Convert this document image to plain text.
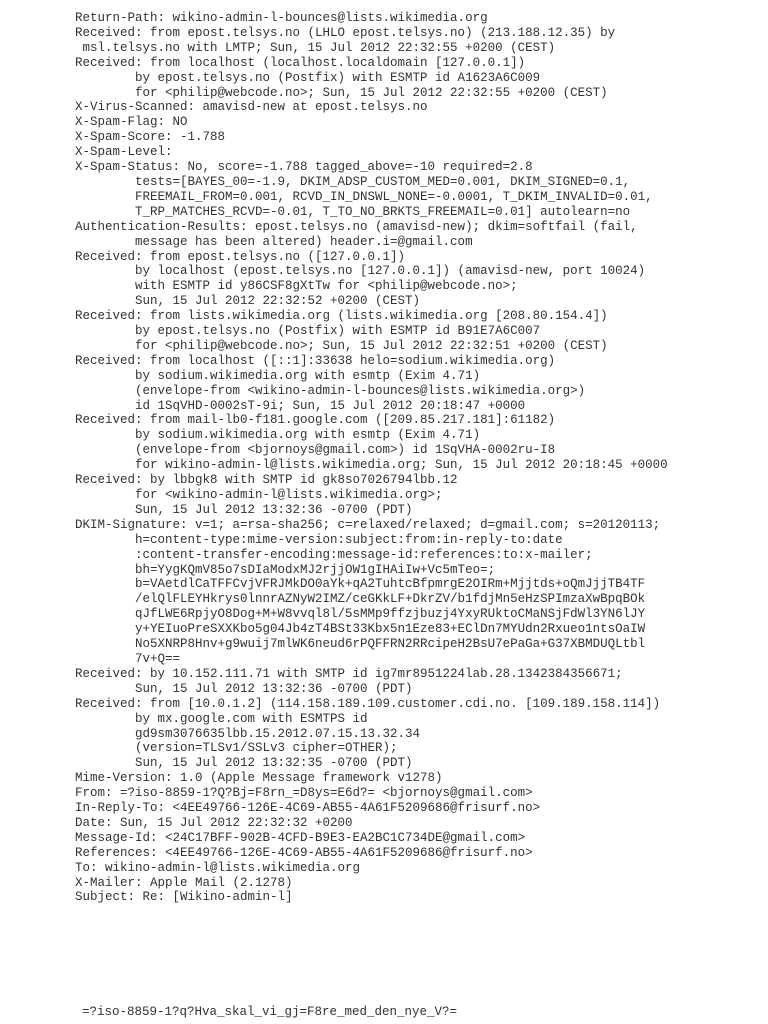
Return-Path: wikino-admin-l-bounces@lists.wikimedia.org
Received: from epost.telsys.no (LHLO epost.telsys.no) (213.188.12.35) by
msl.telsys.no with LMTP; Sun, 15 Jul 2012 22:32:55 +0200 (CEST)
Received: from localhost (localhost.localdomain [127.0.0.1])
by epost.telsys.no (Postfix) with ESMTP id A1623A6C009
for <philip@webcode.no>; Sun, 15 Jul 2012 22:32:55 +0200 (CEST)
X-Virus-Scanned: amavisd-new at epost.telsys.no
X-Spam-Flag: NO
X-Spam-Score: -1.788
X-Spam-Level:
X-Spam-Status: No, score=-1.788 tagged_above=-10 required=2.8
tests=[BAYES_00=-1.9, DKIM_ADSP_CUSTOM_MED=0.001, DKIM_SIGNED=0.1,
FREEMAIL_FROM=0.001, RCVD_IN_DNSWL_NONE=-0.0001, T_DKIM_INVALID=0.01,
T_RP_MATCHES_RCVD=-0.01, T_TO_NO_BRKTS_FREEMAIL=0.01] autolearn=no
Authentication-Results: epost.telsys.no (amavisd-new); dkim=softfail (fail,
message has been altered) header.i=@gmail.com
Received: from epost.telsys.no ([127.0.0.1])
by localhost (epost.telsys.no [127.0.0.1]) (amavisd-new, port 10024)
with ESMTP id y86CSF8gXtTw for <philip@webcode.no>;
Sun, 15 Jul 2012 22:32:52 +0200 (CEST)
Received: from lists.wikimedia.org (lists.wikimedia.org [208.80.154.4])
by epost.telsys.no (Postfix) with ESMTP id B91E7A6C007
for <philip@webcode.no>; Sun, 15 Jul 2012 22:32:51 +0200 (CEST)
Received: from localhost ([::1]:33638 helo=sodium.wikimedia.org)
by sodium.wikimedia.org with esmtp (Exim 4.71)
(envelope-from <wikino-admin-l-bounces@lists.wikimedia.org>)
id 1SqVHD-0002sT-9i; Sun, 15 Jul 2012 20:18:47 +0000
Received: from mail-lb0-f181.google.com ([209.85.217.181]:61182)
by sodium.wikimedia.org with esmtp (Exim 4.71)
(envelope-from <bjornoys@gmail.com>) id 1SqVHA-0002ru-I8
for wikino-admin-l@lists.wikimedia.org; Sun, 15 Jul 2012 20:18:45 +0000
Received: by lbbgk8 with SMTP id gk8so7026794lbb.12
for <wikino-admin-l@lists.wikimedia.org>;
Sun, 15 Jul 2012 13:32:36 -0700 (PDT)
DKIM-Signature: v=1; a=rsa-sha256; c=relaxed/relaxed; d=gmail.com; s=20120113;
h=content-type:mime-version:subject:from:in-reply-to:date
:content-transfer-encoding:message-id:references:to:x-mailer;
bh=YygKQmV85o7sDIaModxMJ2rjjOW1gIHAiIw+Vc5mTeo=;
b=VAetdlCaTFFCvjVFRJMkDO0aYk+qA2TuhtcBfpmrgE2OIRm+Mjjtds+oQmJjjTB4TF
/elQlFLEYHkrys0lnnrAZNyW2IMZ/ceGKkLF+DkrZV/b1fdjMn5eHzSPImzaXwBpqBOk
qJfLWE6RpjyO8Dog+M+W8vvql8l/5sMMp9ffzjbuzj4YxyRUktoCMaNSjFdWl3YN6lJY
y+YEIuoPreSXXKbo5g04Jb4zT4BSt33Kbx5n1Eze83+EClDn7MYUdn2Rxueo1ntsOaIW
No5XNRP8Hnv+g9wuij7mlWK6neud6rPQFFRN2RRcipeH2BsU7ePaGa+G37XBMDUQLtbl
7v+Q==
Received: by 10.152.111.71 with SMTP id ig7mr8951224lab.28.1342384356671;
Sun, 15 Jul 2012 13:32:36 -0700 (PDT)
Received: from [10.0.1.2] (114.158.189.109.customer.cdi.no. [109.189.158.114])
by mx.google.com with ESMTPS id
gd9sm3076635lbb.15.2012.07.15.13.32.34
(version=TLSv1/SSLv3 cipher=OTHER);
Sun, 15 Jul 2012 13:32:35 -0700 (PDT)
Mime-Version: 1.0 (Apple Message framework v1278)
From: =?iso-8859-1?Q?Bj=F8rn_=D8ys=E6d?= <bjornoys@gmail.com>
In-Reply-To: <4EE49766-126E-4C69-AB55-4A61F5209686@frisurf.no>
Date: Sun, 15 Jul 2012 22:32:32 +0200
Message-Id: <24C17BFF-902B-4CFD-B9E3-EA2BC1C734DE@gmail.com>
References: <4EE49766-126E-4C69-AB55-4A61F5209686@frisurf.no>
To: wikino-admin-l@lists.wikimedia.org
X-Mailer: Apple Mail (2.1278)
Subject: Re: [Wikino-admin-l]
=?iso-8859-1?q?Hva_skal_vi_gj=F8re_med_den_nye_V?=
